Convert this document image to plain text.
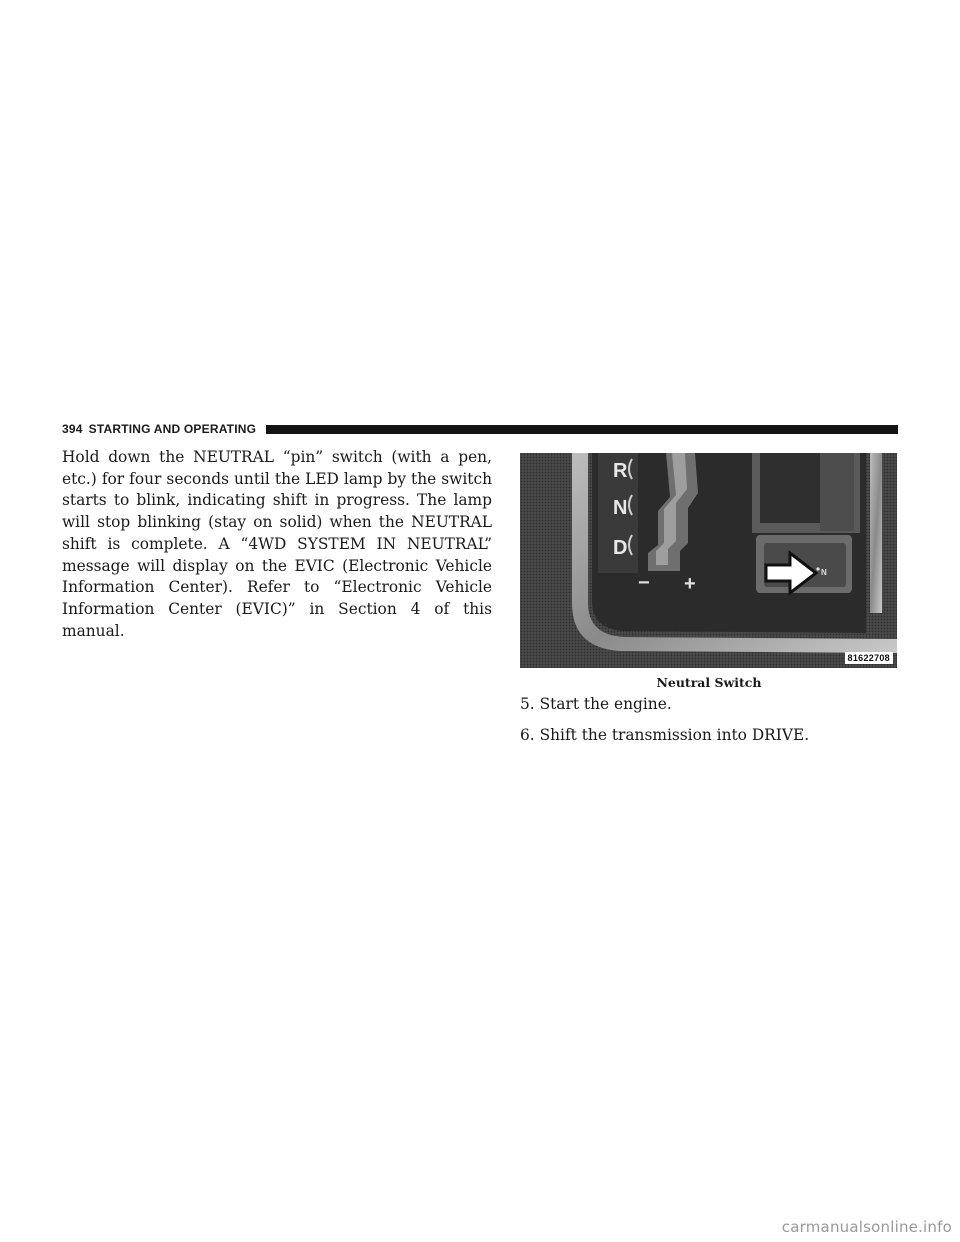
394 STARTING AND OPERATING

Hold down the NEUTRAL “pin” switch (with a pen, etc.) for four seconds until the LED lamp by the switch starts to blink, indicating shift in progress. The lamp will stop blinking (stay on solid) when the NEUTRAL shift is complete. A “4WD SYSTEM IN NEUTRAL” message will display on the EVIC (Electronic Vehicle Information Center). Refer to “Electronic Vehicle Information Center (EVIC)” in Section 4 of this manual.

R
N
D
− +
N
81622708
Neutral Switch

5. Start the engine.

6. Shift the transmission into DRIVE.

carmanualsonline.info
